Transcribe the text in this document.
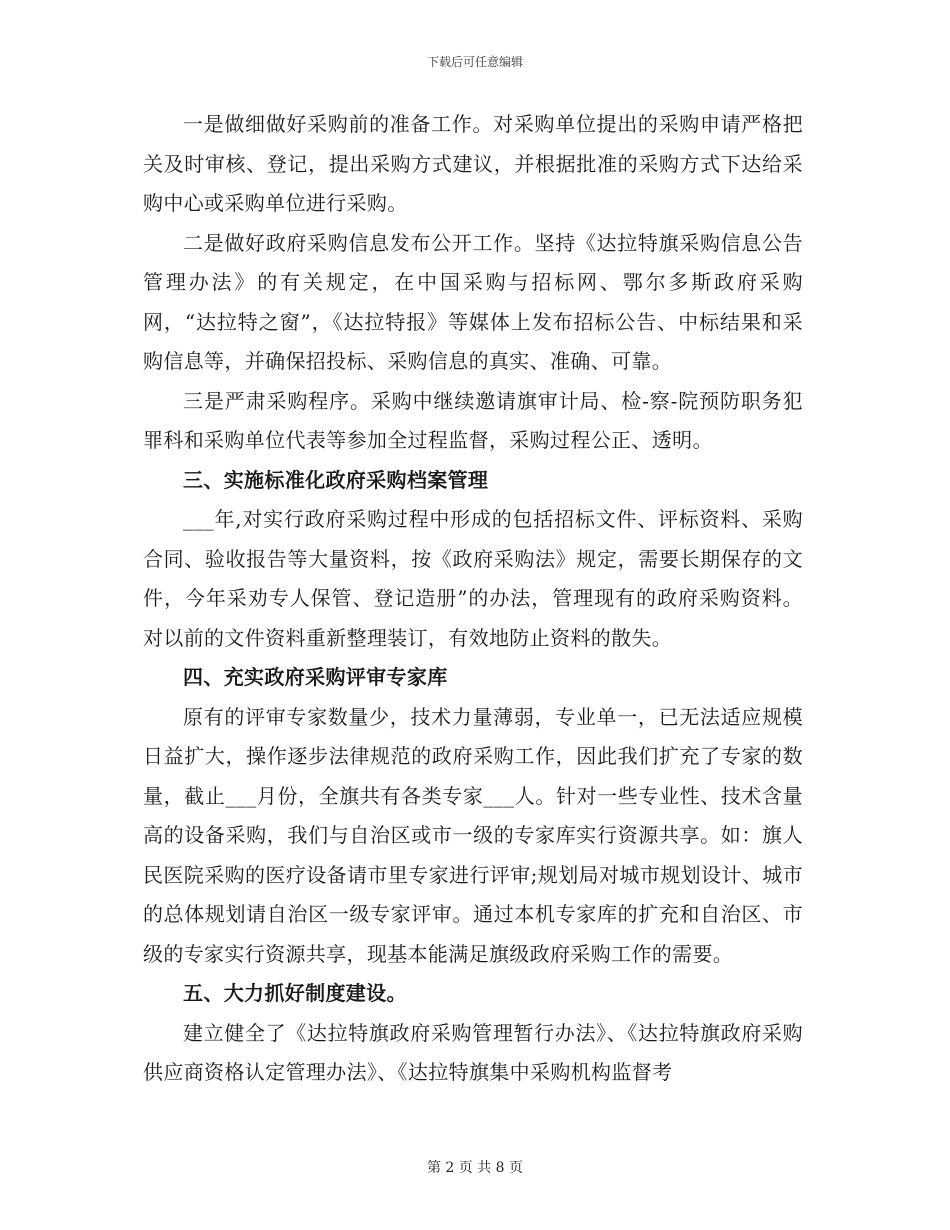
下载后可任意编辑

一是做细做好采购前的准备工作。对采购单位提出的采购申请严格把关及时审核、登记，提出采购方式建议，并根据批准的采购方式下达给采购中心或采购单位进行采购。

二是做好政府采购信息发布公开工作。坚持《达拉特旗采购信息公告管理办法》的有关规定，在中国采购与招标网、鄂尔多斯政府采购网，“达拉特之窗”，《达拉特报》等媒体上发布招标公告、中标结果和采购信息等，并确保招投标、采购信息的真实、准确、可靠。

三是严肃采购程序。采购中继续邀请旗审计局、检-察-院预防职务犯罪科和采购单位代表等参加全过程监督，采购过程公正、透明。

三、实施标准化政府采购档案管理

___年,对实行政府采购过程中形成的包括招标文件、评标资料、采购合同、验收报告等大量资料，按《政府采购法》规定，需要长期保存的文件，今年采劝专人保管、登记造册”的办法，管理现有的政府采购资料。对以前的文件资料重新整理装订，有效地防止资料的散失。

四、充实政府采购评审专家库

原有的评审专家数量少，技术力量薄弱，专业单一，已无法适应规模日益扩大，操作逐步法律规范的政府采购工作，因此我们扩充了专家的数量，截止___月份，全旗共有各类专家___人。针对一些专业性、技术含量高的设备采购，我们与自治区或市一级的专家库实行资源共享。如：旗人民医院采购的医疗设备请市里专家进行评审;规划局对城市规划设计、城市的总体规划请自治区一级专家评审。通过本机专家库的扩充和自治区、市级的专家实行资源共享，现基本能满足旗级政府采购工作的需要。

五、大力抓好制度建设。

建立健全了《达拉特旗政府采购管理暂行办法》、《达拉特旗政府采购供应商资格认定管理办法》、《达拉特旗集中采购机构监督考

第 2 页 共 8 页
